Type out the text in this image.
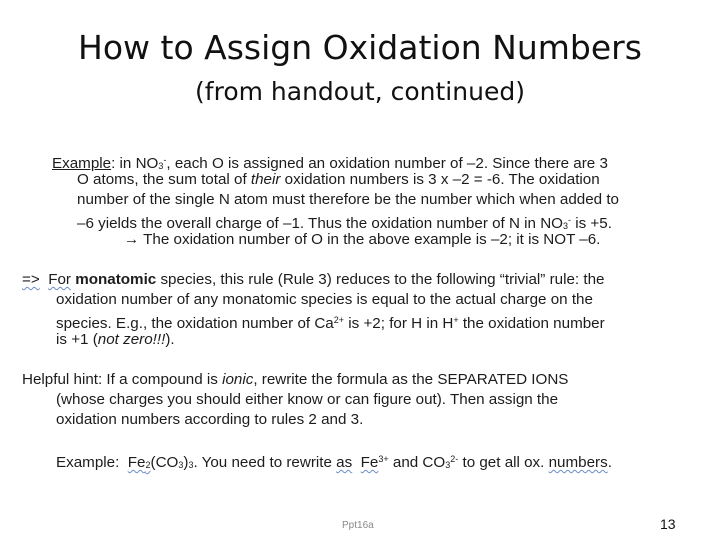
How to Assign Oxidation Numbers
(from handout, continued)
Example: in NO3-, each O is assigned an oxidation number of –2. Since there are 3
O atoms, the sum total of their oxidation numbers is 3 x –2 = -6. The oxidation
number of the single N atom must therefore be the number which when added to
–6 yields the overall charge of –1. Thus the oxidation number of N in NO3- is +5.
→ The oxidation number of O in the above example is –2; it is NOT –6.
=> For monatomic species, this rule (Rule 3) reduces to the following “trivial” rule: the
oxidation number of any monatomic species is equal to the actual charge on the
species. E.g., the oxidation number of $Ca^{2+}$ is +2; for H in H+ the oxidation number
is +1 (not zero!!!).
Helpful hint: If a compound is ionic, rewrite the formula as the SEPARATED IONS
(whose charges you should either know or can figure out). Then assign the
oxidation numbers according to rules 2 and 3.
Example: Fe2(CO3)3. You need to rewrite as $Fe^{3+}$ and $CO3^{2-}$ to get all ox. numbers.
Ppt16a	13
